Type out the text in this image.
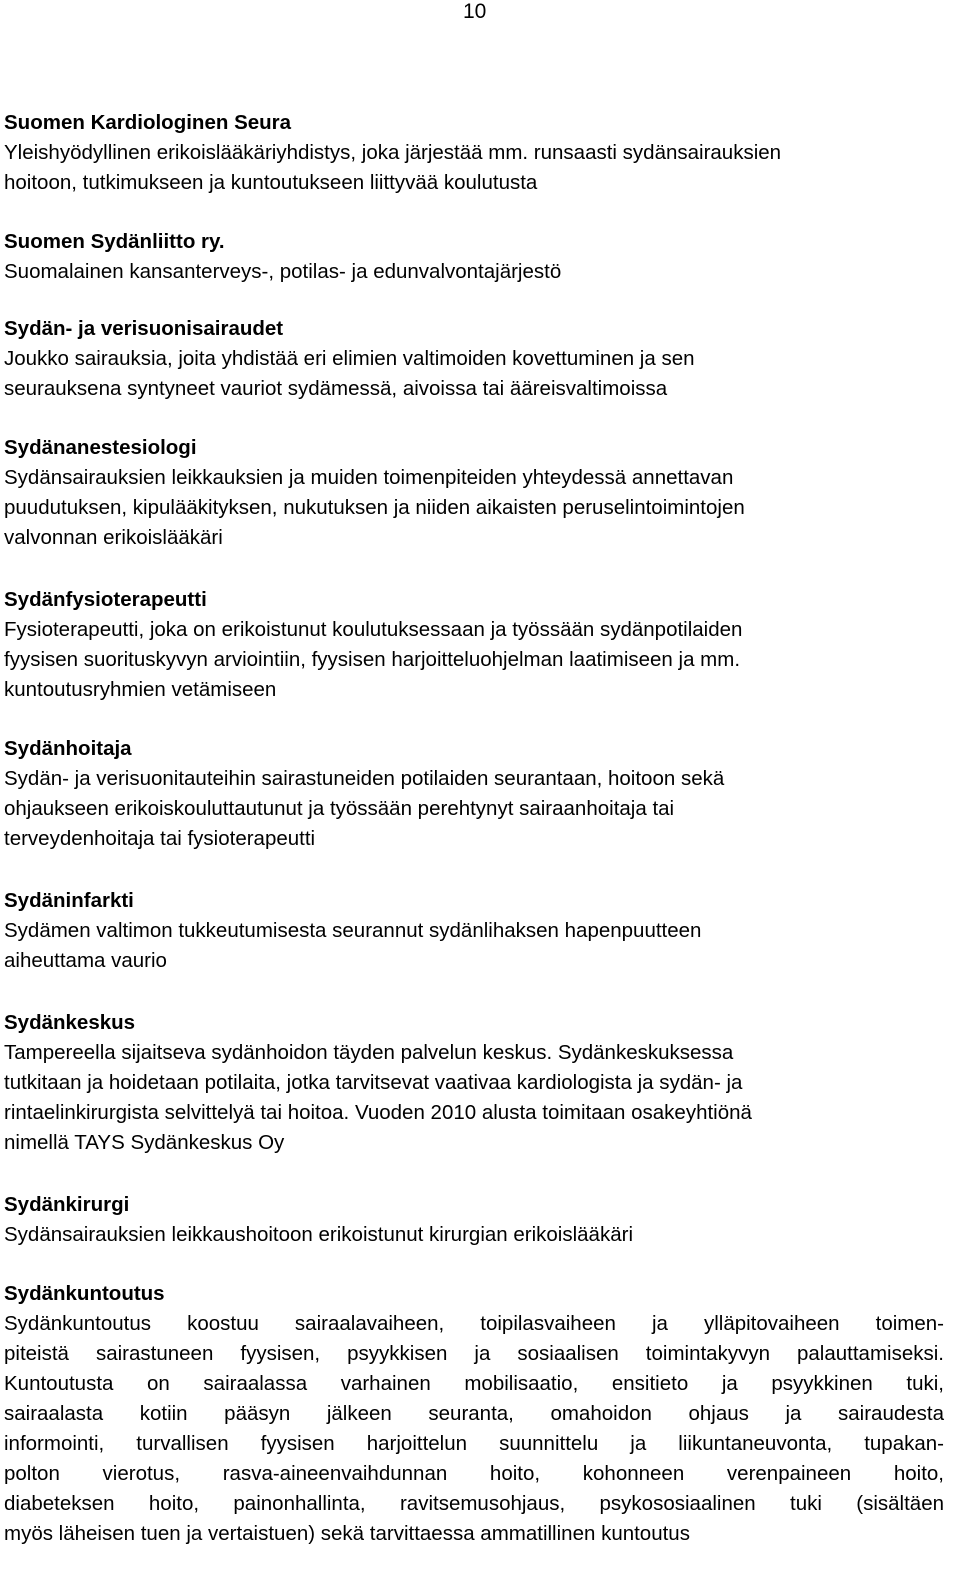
10
Suomen Kardiologinen Seura
Yleishyödyllinen erikoislääkäriyhdistys, joka järjestää mm. runsaasti sydänsairauksien
hoitoon, tutkimukseen ja kuntoutukseen liittyvää koulutusta
Suomen Sydänliitto ry.
Suomalainen kansanterveys-, potilas- ja edunvalvontajärjestö
Sydän- ja verisuonisairaudet
Joukko sairauksia, joita yhdistää eri elimien valtimoiden kovettuminen ja sen
seurauksena syntyneet vauriot sydämessä, aivoissa tai ääreisvaltimoissa
Sydänanestesiologi
Sydänsairauksien leikkauksien ja muiden toimenpiteiden yhteydessä annettavan
puudutuksen, kipulääkityksen, nukutuksen ja niiden aikaisten peruselintoimintojen
valvonnan erikoislääkäri
Sydänfysioterapeutti
Fysioterapeutti, joka on erikoistunut koulutuksessaan ja työssään sydänpotilaiden
fyysisen suorituskyvyn arviointiin, fyysisen harjoitteluohjelman laatimiseen ja mm.
kuntoutusryhmien vetämiseen
Sydänhoitaja
Sydän- ja verisuonitauteihin sairastuneiden potilaiden seurantaan, hoitoon sekä
ohjaukseen erikoiskouluttautunut ja työssään perehtynyt sairaanhoitaja tai
terveydenhoitaja tai fysioterapeutti
Sydäninfarkti
Sydämen valtimon tukkeutumisesta seurannut sydänlihaksen hapenpuutteen
aiheuttama vaurio
Sydänkeskus
Tampereella sijaitseva sydänhoidon täyden palvelun keskus. Sydänkeskuksessa
tutkitaan ja hoidetaan potilaita, jotka tarvitsevat vaativaa kardiologista ja sydän- ja
rintaelinkirurgista selvittelyä tai hoitoa. Vuoden 2010 alusta toimitaan osakeyhtiönä
nimellä TAYS Sydänkeskus Oy
Sydänkirurgi
Sydänsairauksien leikkaushoitoon erikoistunut kirurgian erikoislääkäri
Sydänkuntoutus
Sydänkuntoutus koostuu sairaalavaiheen, toipilasvaiheen ja ylläpitovaiheen toimen-
piteistä sairastuneen fyysisen, psyykkisen ja sosiaalisen toimintakyvyn palauttamiseksi.
Kuntoutusta on sairaalassa varhainen mobilisaatio, ensitieto ja psyykkinen tuki,
sairaalasta kotiin pääsyn jälkeen seuranta, omahoidon ohjaus ja sairaudesta
informointi, turvallisen fyysisen harjoittelun suunnittelu ja liikuntaneuvonta, tupakan-
polton vierotus, rasva-aineenvaihdunnan hoito, kohonneen verenpaineen hoito,
diabeteksen hoito, painonhallinta, ravitsemusohjaus, psykososiaalinen tuki (sisältäen
myös läheisen tuen ja vertaistuen) sekä tarvittaessa ammatillinen kuntoutus
